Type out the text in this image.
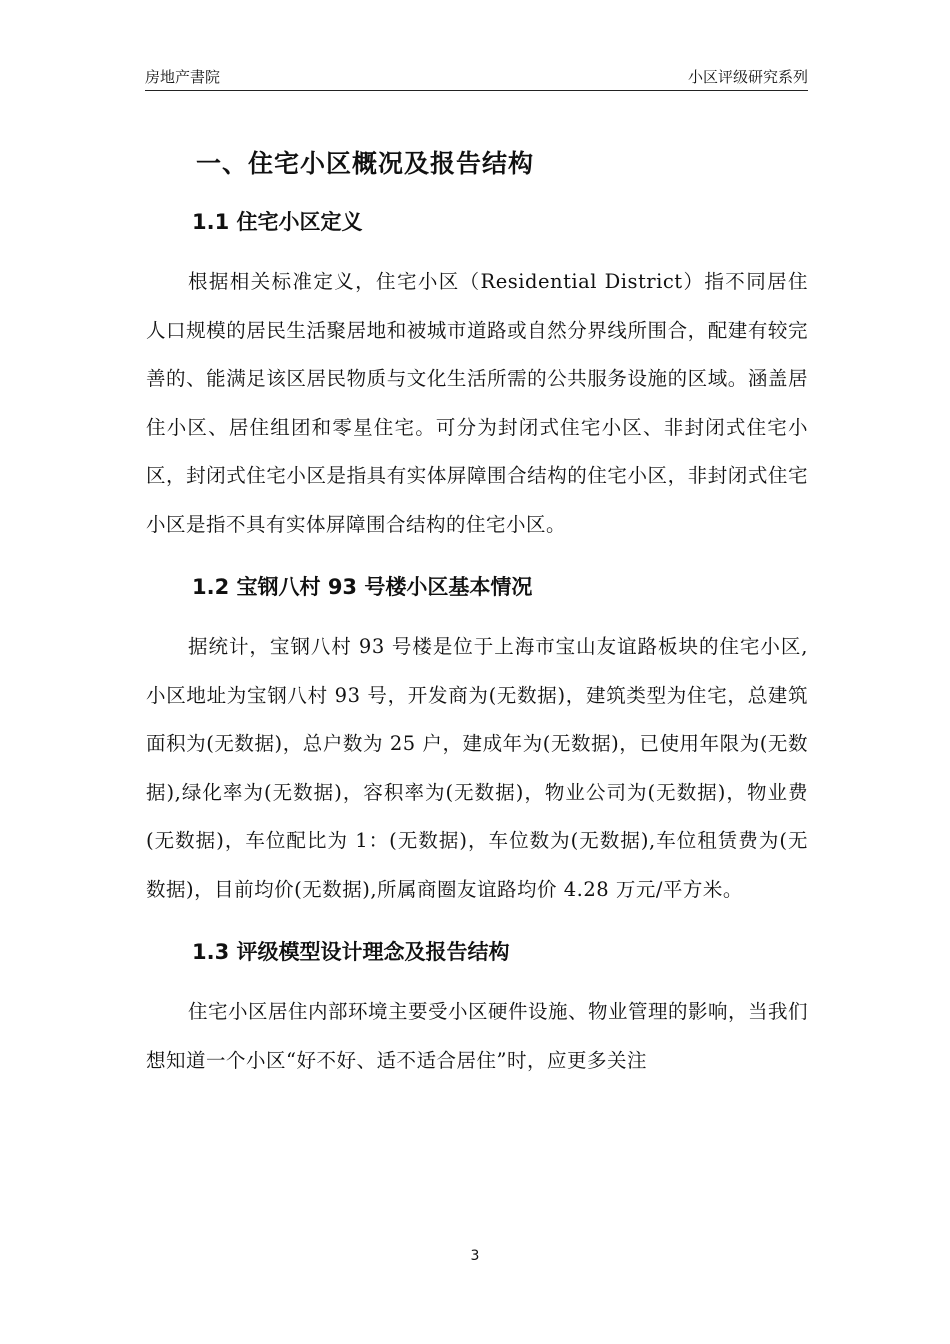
房地产書院	小区评级研究系列
一、住宅小区概况及报告结构
1.1 住宅小区定义

根据相关标准定义，住宅小区（Residential District）指不同居住人口规模的居民生活聚居地和被城市道路或自然分界线所围合，配建有较完善的、能满足该区居民物质与文化生活所需的公共服务设施的区域。涵盖居住小区、居住组团和零星住宅。可分为封闭式住宅小区、非封闭式住宅小区，封闭式住宅小区是指具有实体屏障围合结构的住宅小区，非封闭式住宅小区是指不具有实体屏障围合结构的住宅小区。

1.2 宝钢八村 93 号楼小区基本情况

据统计，宝钢八村 93 号楼是位于上海市宝山友谊路板块的住宅小区,小区地址为宝钢八村 93 号，开发商为(无数据)，建筑类型为住宅，总建筑面积为(无数据)，总户数为 25 户，建成年为(无数据)，已使用年限为(无数据),绿化率为(无数据)，容积率为(无数据)，物业公司为(无数据)，物业费(无数据)，车位配比为 1：(无数据)，车位数为(无数据),车位租赁费为(无数据)，目前均价(无数据),所属商圈友谊路均价 4.28 万元/平方米。

1.3 评级模型设计理念及报告结构

住宅小区居住内部环境主要受小区硬件设施、物业管理的影响，当我们想知道一个小区“好不好、适不适合居住”时，应更多关注

3
